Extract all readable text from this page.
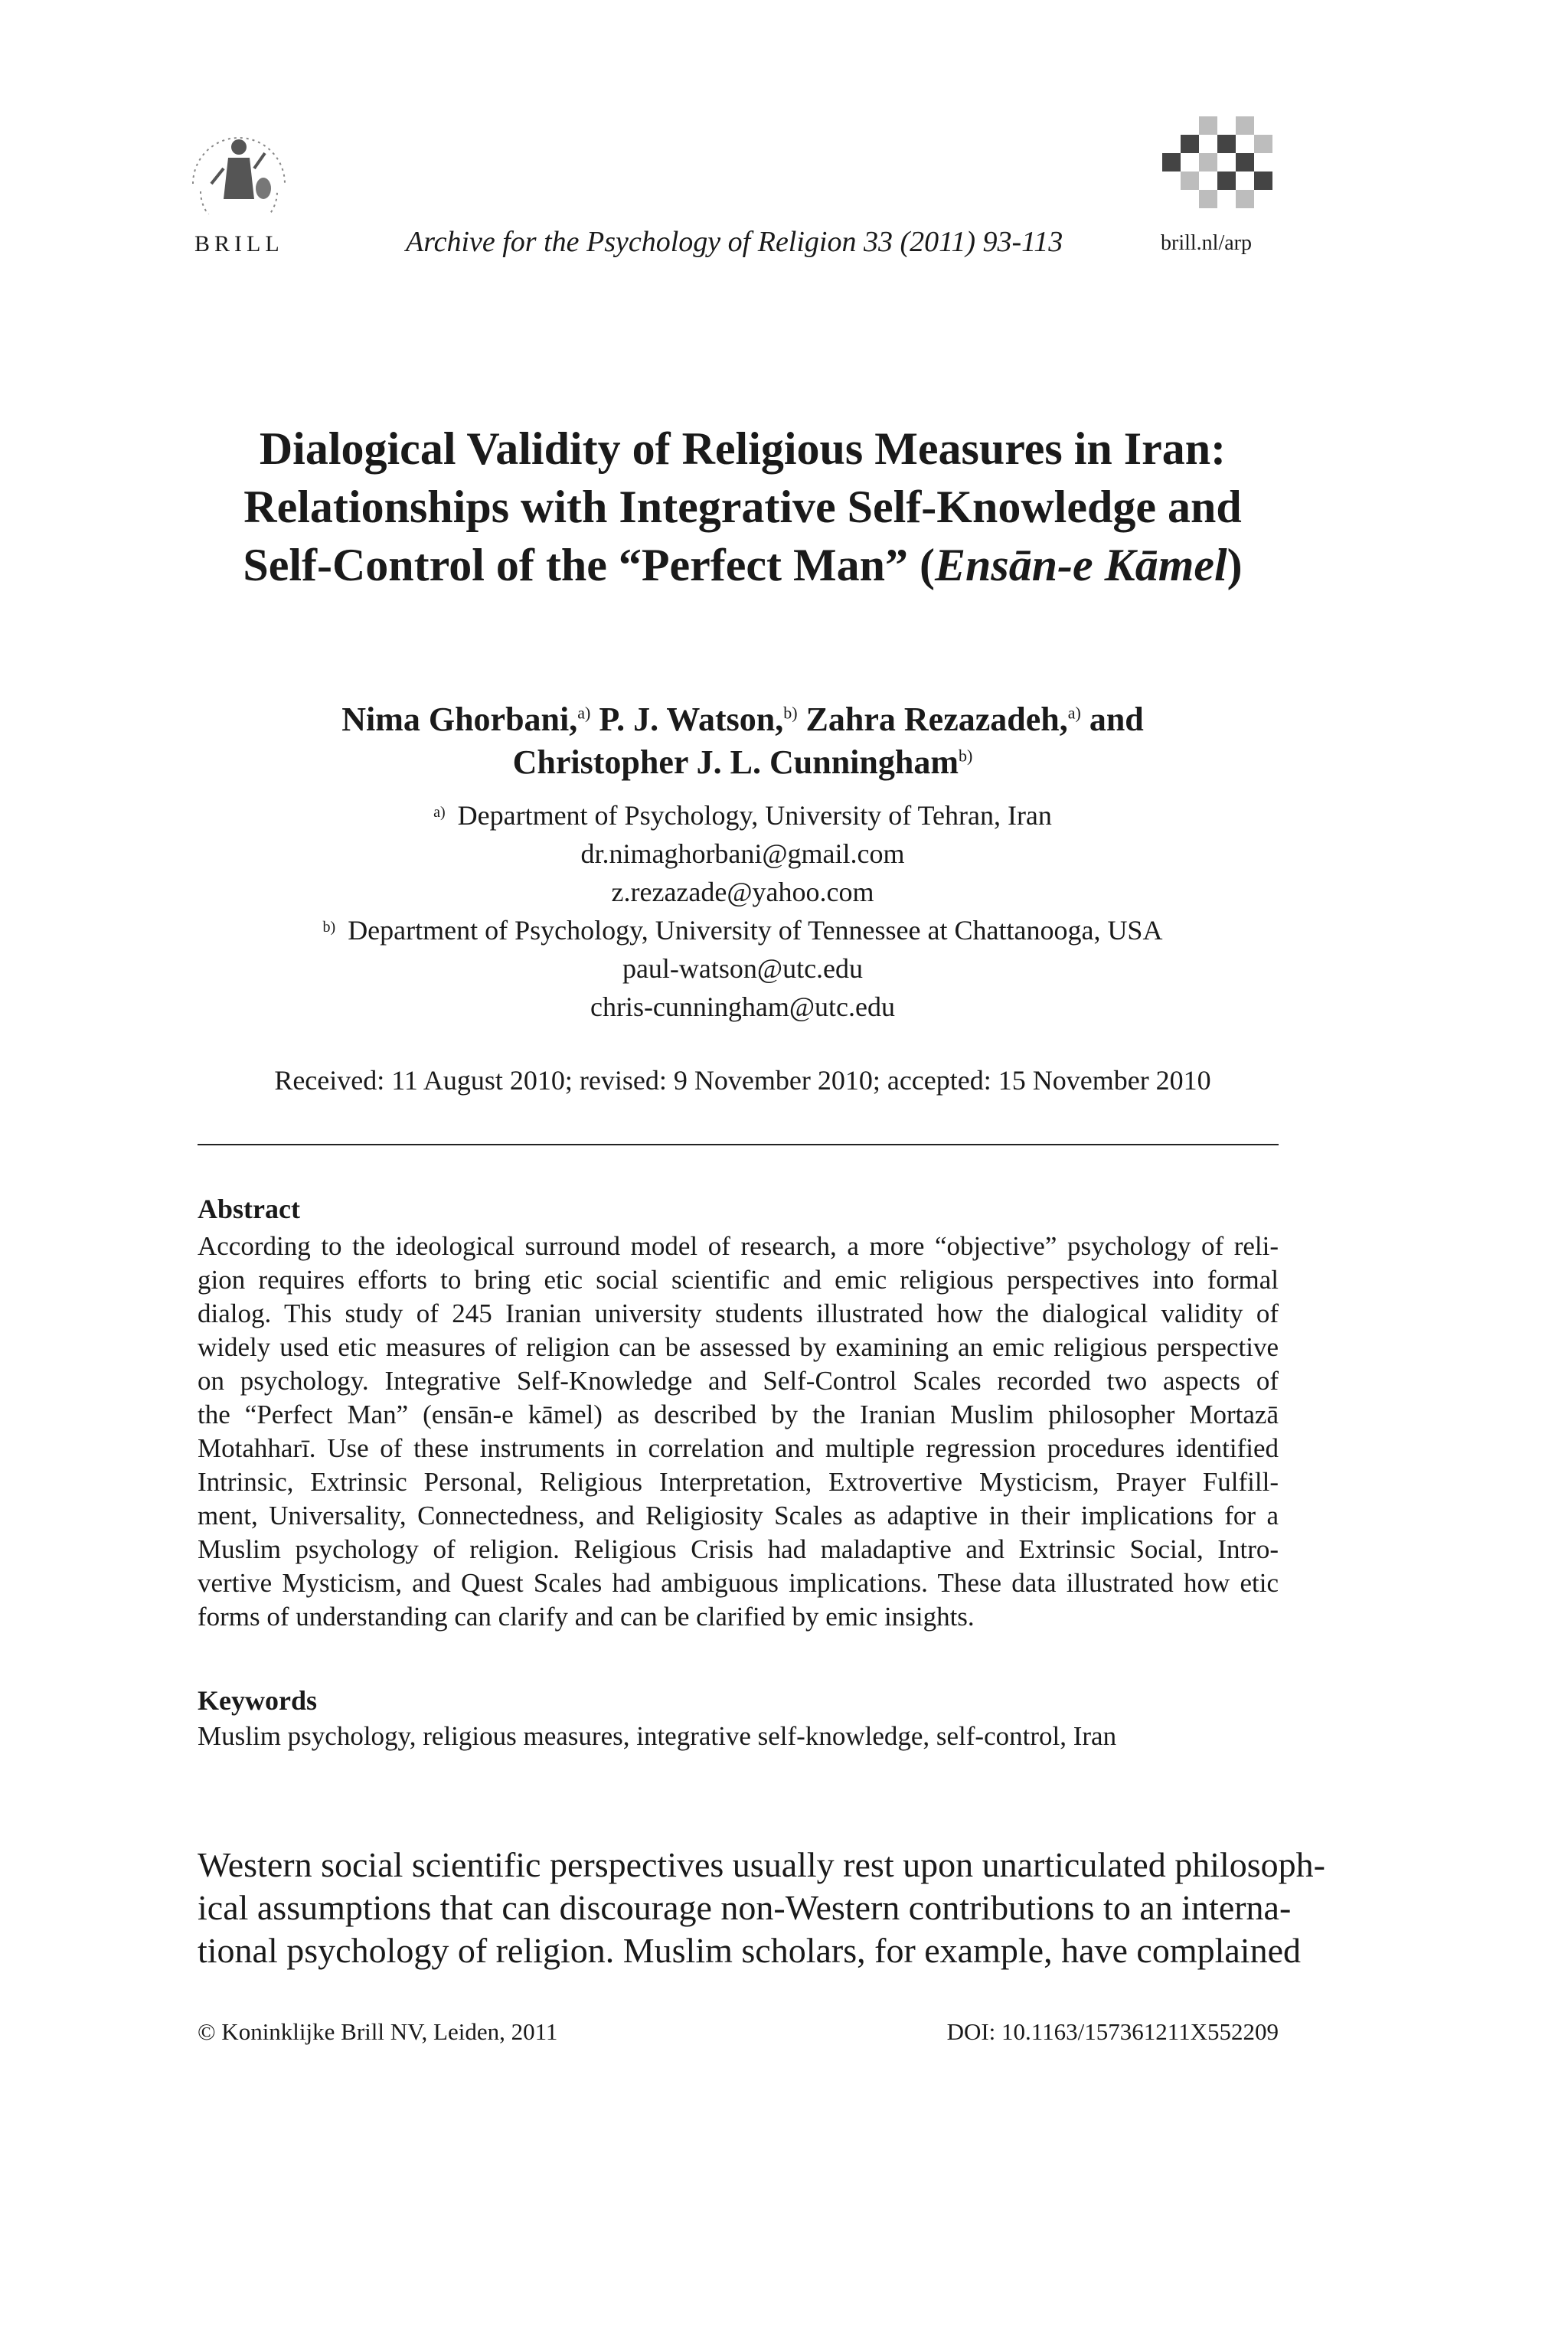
BRILL	Archive for the Psychology of Religion 33 (2011) 93-113	brill.nl/arp
Dialogical Validity of Religious Measures in Iran:
Relationships with Integrative Self-Knowledge and
Self-Control of the “Perfect Man” (Ensān-e Kāmel)
Nima Ghorbani,$^{a)}$ P. J. Watson,$^{b)}$ Zahra Rezazadeh,$^{a)}$ and
Christopher J. L. Cunningham$^{b)}$
$^{a)}$ Department of Psychology, University of Tehran, Iran
dr.nimaghorbani@gmail.com
z.rezazade@yahoo.com
$^{b)}$ Department of Psychology, University of Tennessee at Chattanooga, USA
paul-watson@utc.edu
chris-cunningham@utc.edu
Received: 11 August 2010; revised: 9 November 2010; accepted: 15 November 2010
Abstract
According to the ideological surround model of research, a more “objective” psychology of reli-
gion requires efforts to bring etic social scientific and emic religious perspectives into formal
dialog. This study of 245 Iranian university students illustrated how the dialogical validity of
widely used etic measures of religion can be assessed by examining an emic religious perspective
on psychology. Integrative Self-Knowledge and Self-Control Scales recorded two aspects of
the “Perfect Man” (ensān-e kāmel) as described by the Iranian Muslim philosopher Mortazā
Motahharī. Use of these instruments in correlation and multiple regression procedures identified
Intrinsic, Extrinsic Personal, Religious Interpretation, Extrovertive Mysticism, Prayer Fulfill-
ment, Universality, Connectedness, and Religiosity Scales as adaptive in their implications for a
Muslim psychology of religion. Religious Crisis had maladaptive and Extrinsic Social, Intro-
vertive Mysticism, and Quest Scales had ambiguous implications. These data illustrated how etic
forms of understanding can clarify and can be clarified by emic insights.
Keywords
Muslim psychology, religious measures, integrative self-knowledge, self-control, Iran
Western social scientific perspectives usually rest upon unarticulated philosoph-
ical assumptions that can discourage non-Western contributions to an interna-
tional psychology of religion. Muslim scholars, for example, have complained
© Koninklijke Brill NV, Leiden, 2011	DOI: 10.1163/157361211X552209
